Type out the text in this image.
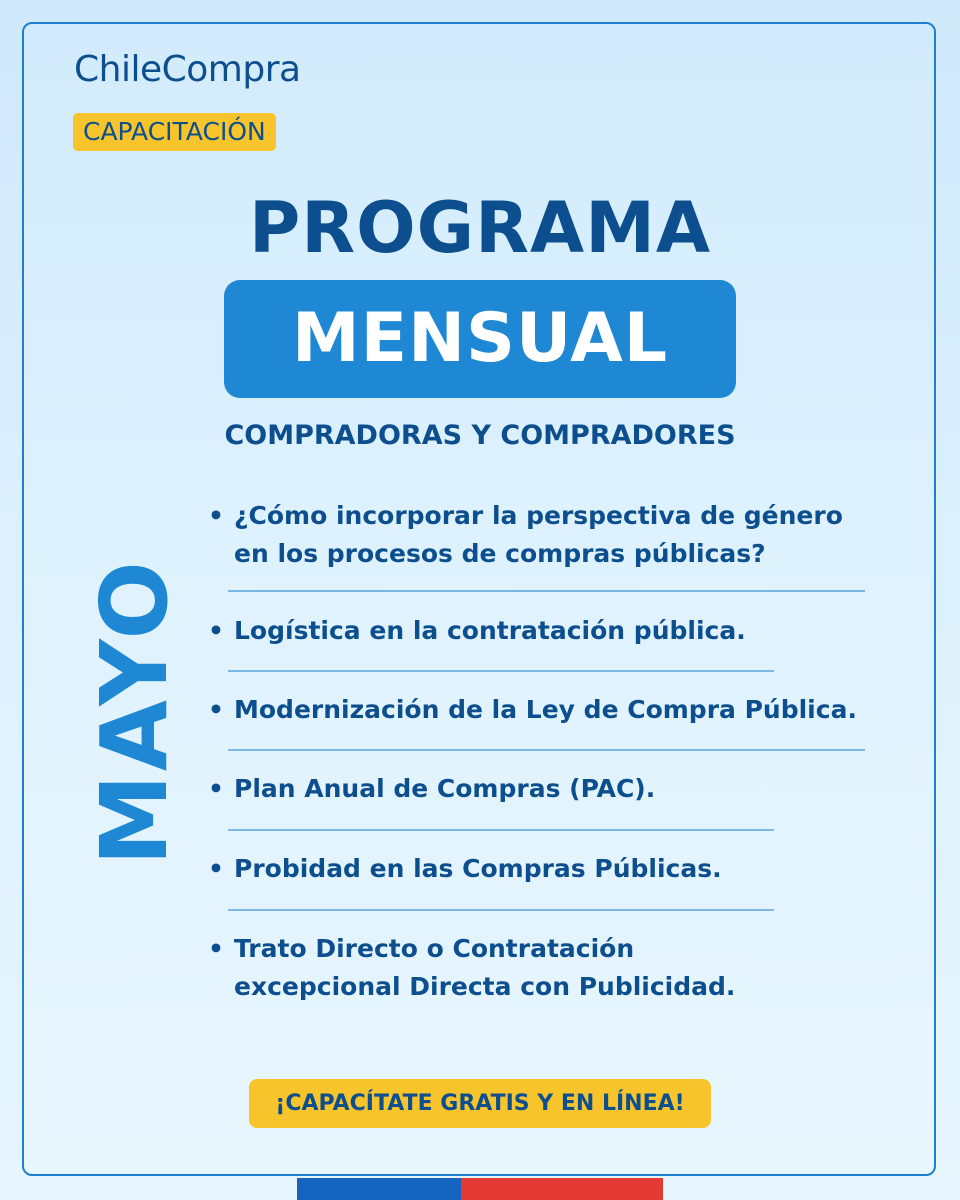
ChileCompra
CAPACITACIÓN
PROGRAMA
MENSUAL
COMPRADORAS Y COMPRADORES
MAYO
• ¿Cómo incorporar la perspectiva de género
en los procesos de compras públicas?
• Logística en la contratación pública.
• Modernización de la Ley de Compra Pública.
• Plan Anual de Compras (PAC).
• Probidad en las Compras Públicas.
• Trato Directo o Contratación
excepcional Directa con Publicidad.
¡CAPACÍTATE GRATIS Y EN LÍNEA!
